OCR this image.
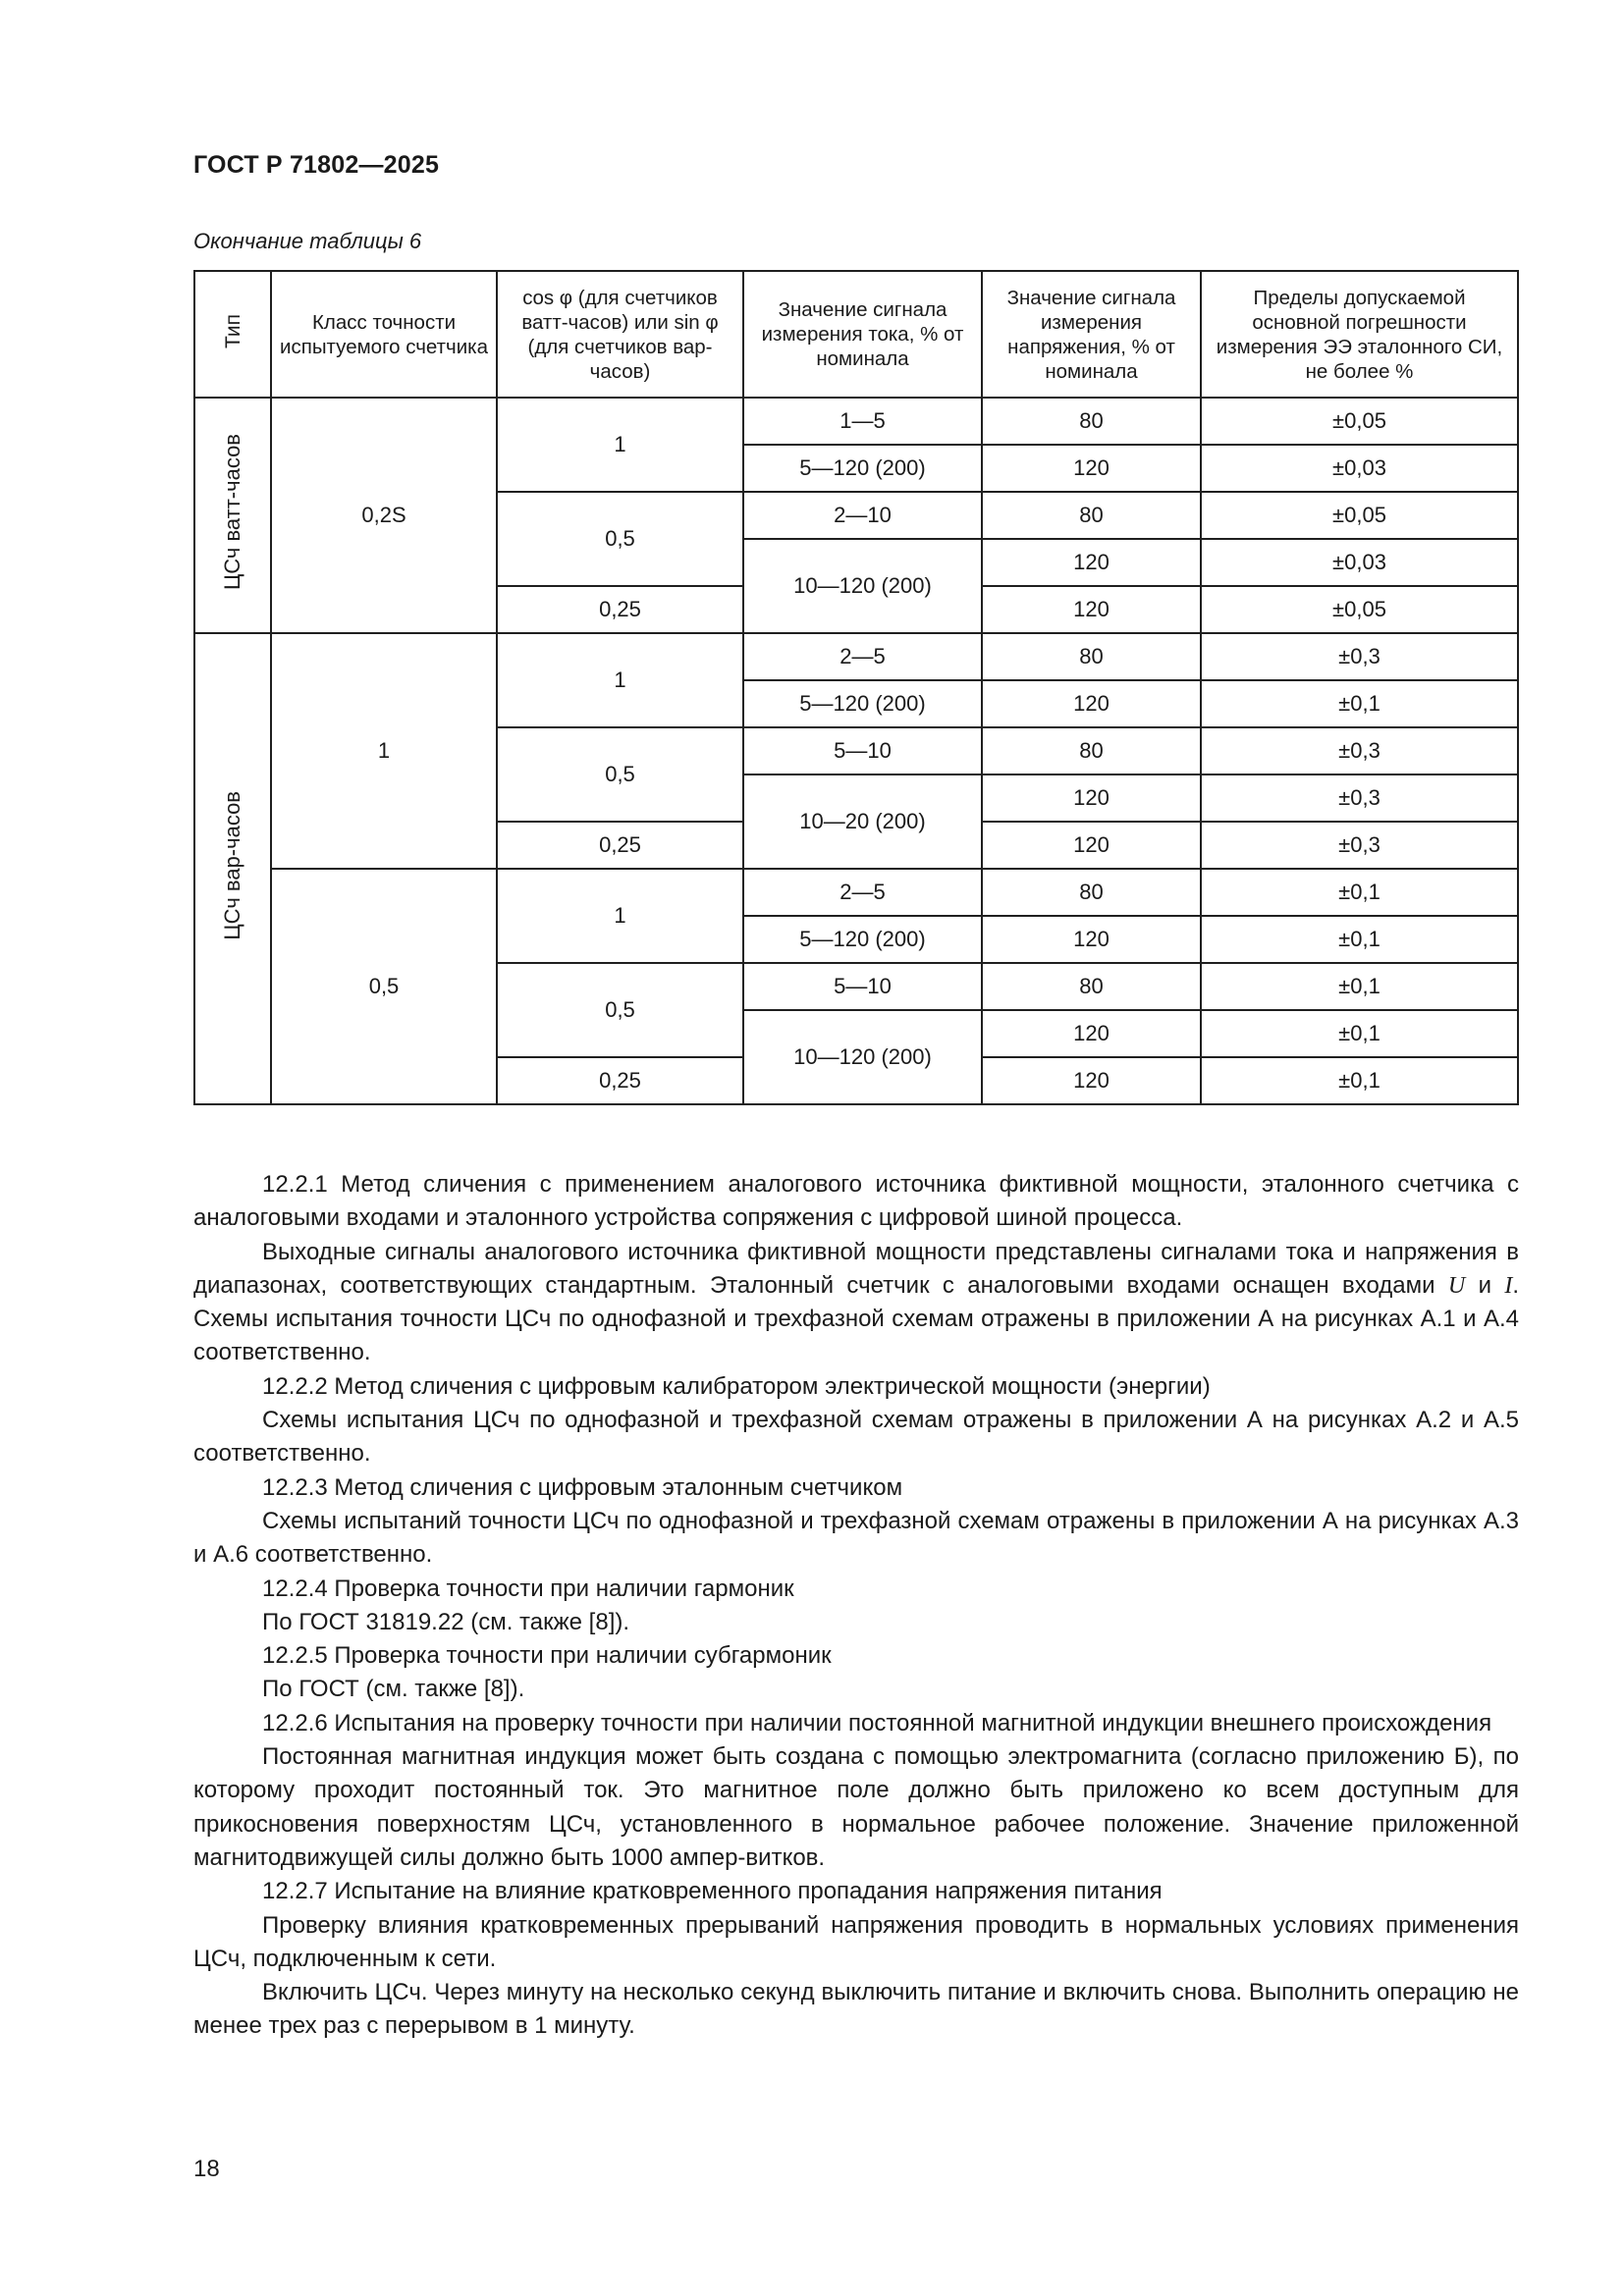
ГОСТ Р 71802—2025
Окончание таблицы 6
Тип	Класс точности испытуемого счетчика	cos φ (для счетчиков ватт-часов) или sin φ (для счетчиков вар-часов)	Значение сигнала измерения тока, % от номинала	Значение сигнала измерения напряжения, % от номинала	Пределы допускаемой основной погрешности измерения ЭЭ эталонного СИ, не более %
ЦСч ватт-часов	0,2S	1	1—5	80	±0,05
			5—120 (200)	120	±0,03
		0,5	2—10	80	±0,05
			10—120 (200)	120	±0,03
		0,25		120	±0,05
ЦСч вар-часов	1	1	2—5	80	±0,3
			5—120 (200)	120	±0,1
		0,5	5—10	80	±0,3
			10—20 (200)	120	±0,3
		0,25		120	±0,3
	0,5	1	2—5	80	±0,1
			5—120 (200)	120	±0,1
		0,5	5—10	80	±0,1
			10—120 (200)	120	±0,1
		0,25		120	±0,1

12.2.1 Метод сличения с применением аналогового источника фиктивной мощности, эталонного счетчика с аналоговыми входами и эталонного устройства сопряжения с цифровой шиной процесса.

Выходные сигналы аналогового источника фиктивной мощности представлены сигналами тока и напряжения в диапазонах, соответствующих стандартным. Эталонный счетчик с аналоговыми входами оснащен входами U и I. Схемы испытания точности ЦСч по однофазной и трехфазной схемам отражены в приложении А на рисунках А.1 и А.4 соответственно.

12.2.2 Метод сличения с цифровым калибратором электрической мощности (энергии)

Схемы испытания ЦСч по однофазной и трехфазной схемам отражены в приложении А на рисунках А.2 и А.5 соответственно.

12.2.3 Метод сличения с цифровым эталонным счетчиком

Схемы испытаний точности ЦСч по однофазной и трехфазной схемам отражены в приложении А на рисунках А.3 и А.6 соответственно.

12.2.4 Проверка точности при наличии гармоник

По ГОСТ 31819.22 (см. также [8]).

12.2.5 Проверка точности при наличии субгармоник

По ГОСТ (см. также [8]).

12.2.6 Испытания на проверку точности при наличии постоянной магнитной индукции внешнего происхождения

Постоянная магнитная индукция может быть создана с помощью электромагнита (согласно приложению Б), по которому проходит постоянный ток. Это магнитное поле должно быть приложено ко всем доступным для прикосновения поверхностям ЦСч, установленного в нормальное рабочее положение. Значение приложенной магнитодвижущей силы должно быть 1000 ампер-витков.

12.2.7 Испытание на влияние кратковременного пропадания напряжения питания

Проверку влияния кратковременных прерываний напряжения проводить в нормальных условиях применения ЦСч, подключенным к сети.

Включить ЦСч. Через минуту на несколько секунд выключить питание и включить снова. Выполнить операцию не менее трех раз с перерывом в 1 минуту.

18
